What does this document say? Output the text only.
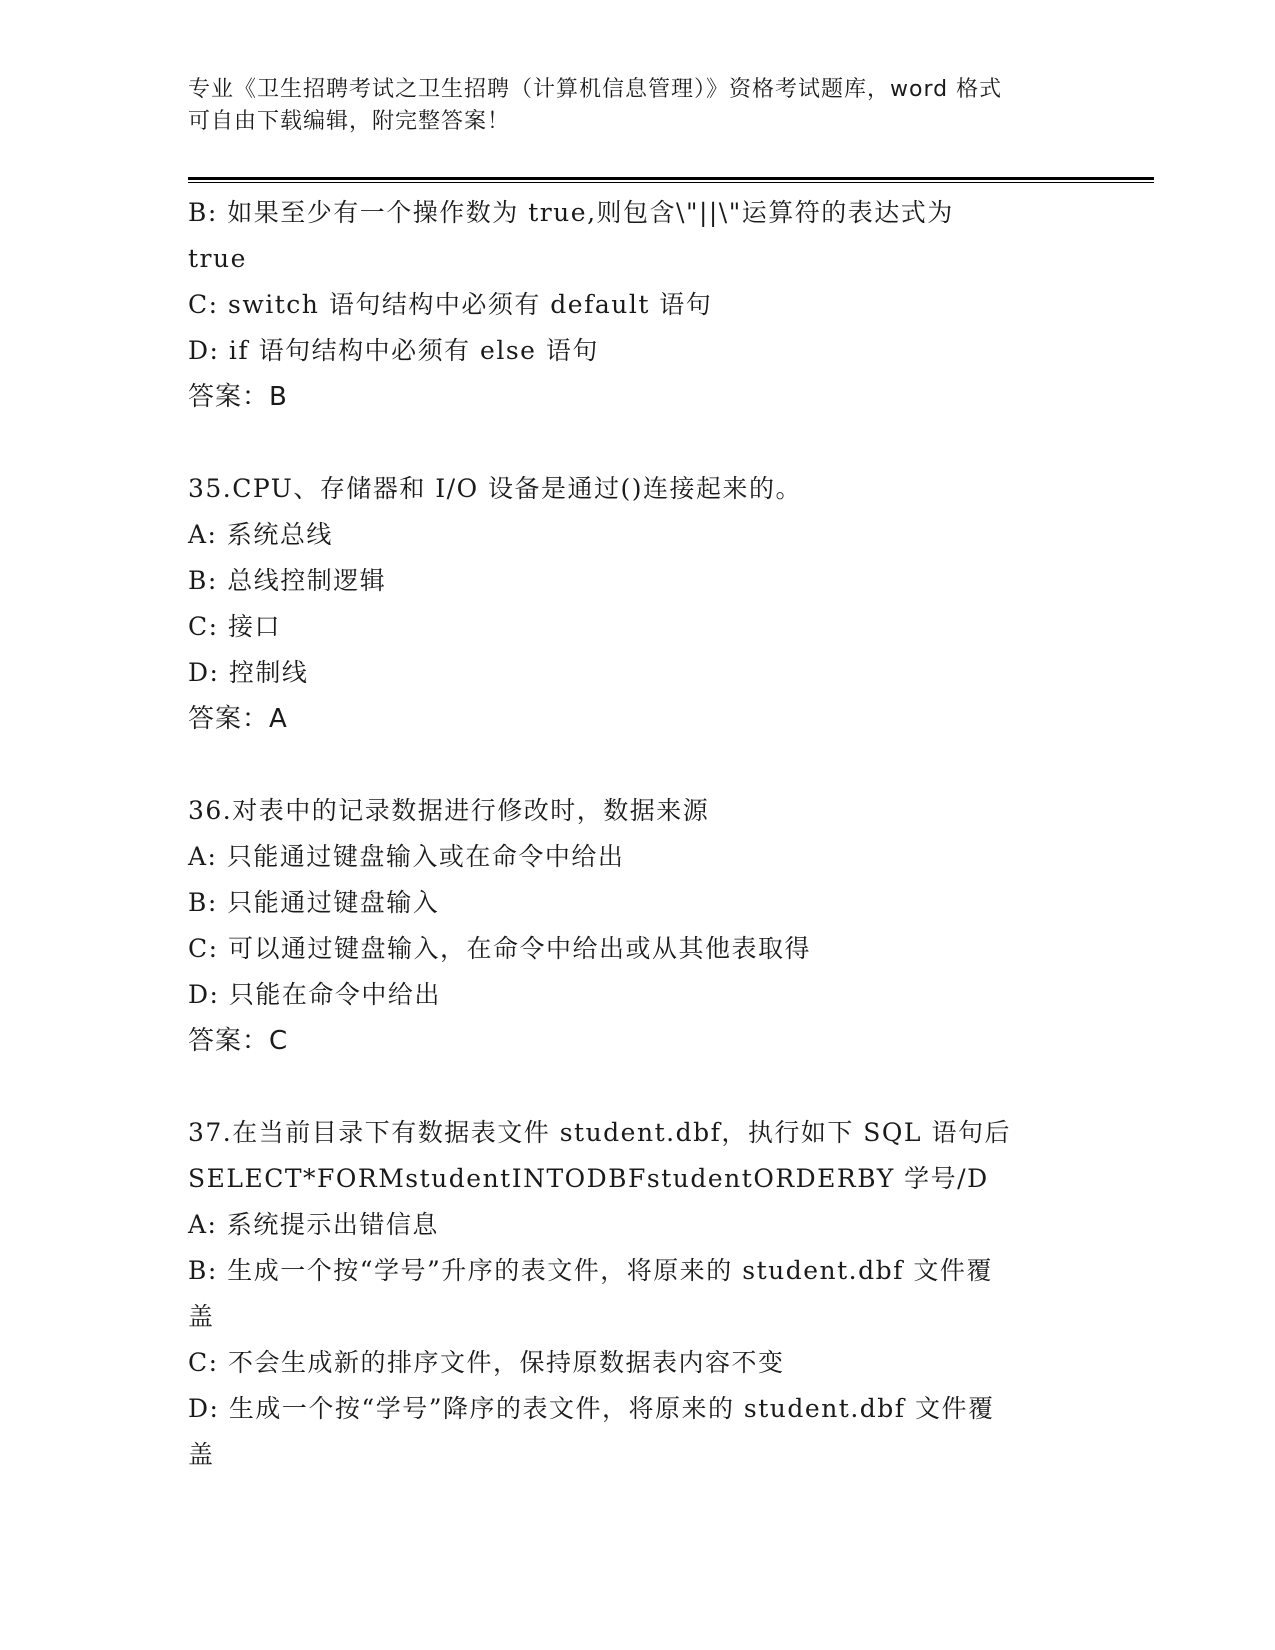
专业《卫生招聘考试之卫生招聘（计算机信息管理）》资格考试题库，word 格式
可自由下载编辑，附完整答案！
B: 如果至少有一个操作数为 true,则包含\"||\"运算符的表达式为
true
C: switch 语句结构中必须有 default 语句
D: if 语句结构中必须有 else 语句
答案：B
35.CPU、存储器和 I/O 设备是通过()连接起来的。
A: 系统总线
B: 总线控制逻辑
C: 接口
D: 控制线
答案：A
36.对表中的记录数据进行修改时，数据来源
A: 只能通过键盘输入或在命令中给出
B: 只能通过键盘输入
C: 可以通过键盘输入，在命令中给出或从其他表取得
D: 只能在命令中给出
答案：C
37.在当前目录下有数据表文件 student.dbf，执行如下 SQL 语句后
SELECT*FORMstudentINTODBFstudentORDERBY 学号/D
A: 系统提示出错信息
B: 生成一个按“学号”升序的表文件，将原来的 student.dbf 文件覆
盖
C: 不会生成新的排序文件，保持原数据表内容不变
D: 生成一个按“学号”降序的表文件，将原来的 student.dbf 文件覆
盖
